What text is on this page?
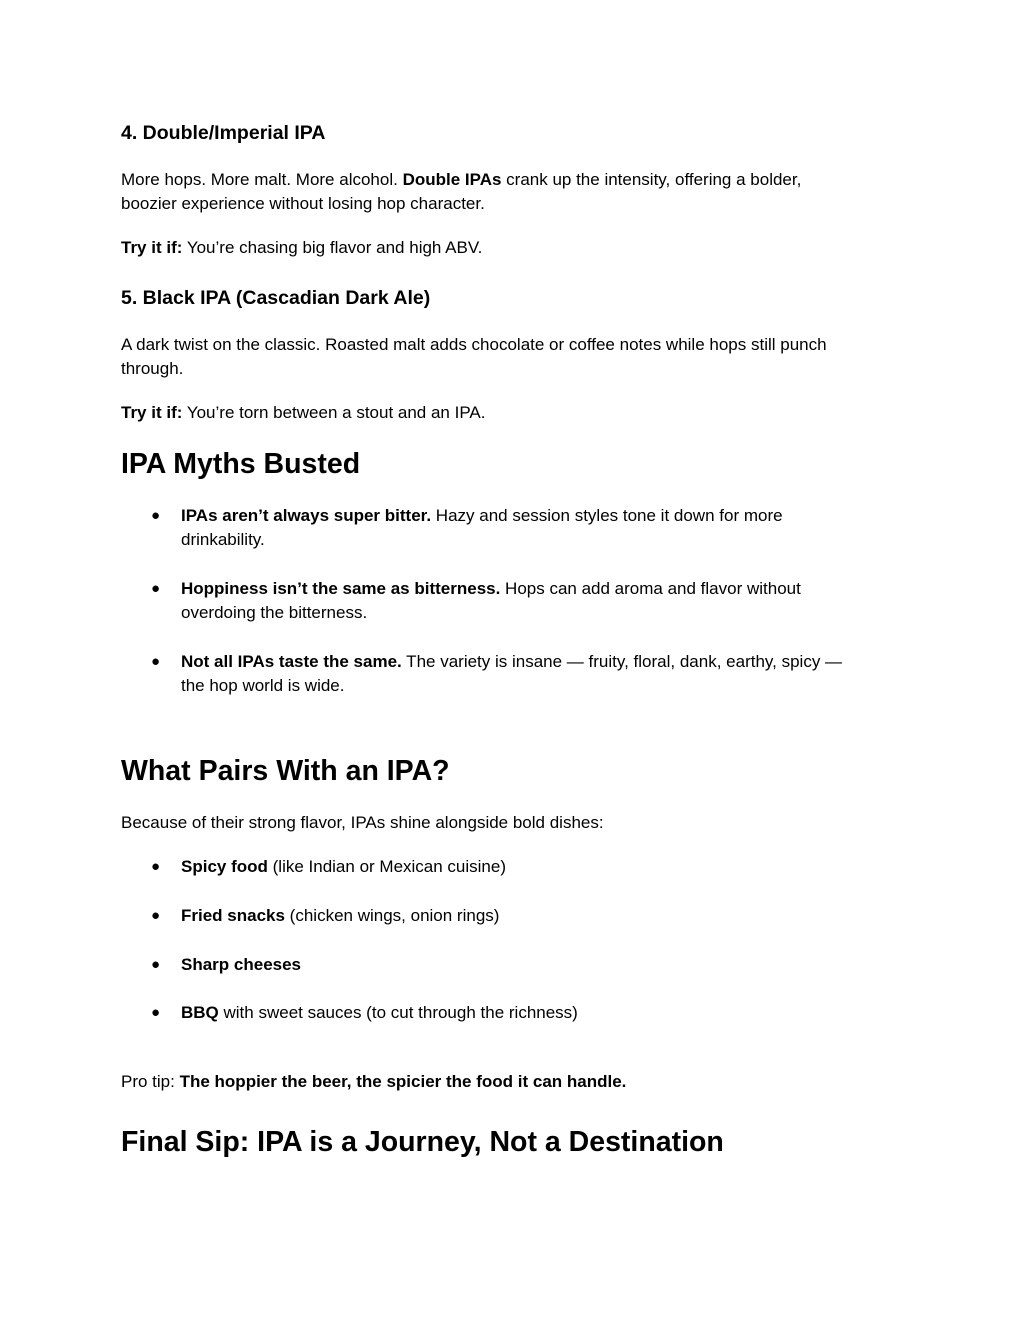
4. Double/Imperial IPA
More hops. More malt. More alcohol. Double IPAs crank up the intensity, offering a bolder,
boozier experience without losing hop character.
Try it if: You’re chasing big flavor and high ABV.
5. Black IPA (Cascadian Dark Ale)
A dark twist on the classic. Roasted malt adds chocolate or coffee notes while hops still punch
through.
Try it if: You’re torn between a stout and an IPA.
IPA Myths Busted
● IPAs aren’t always super bitter. Hazy and session styles tone it down for more
drinkability.
● Hoppiness isn’t the same as bitterness. Hops can add aroma and flavor without
overdoing the bitterness.
● Not all IPAs taste the same. The variety is insane — fruity, floral, dank, earthy, spicy —
the hop world is wide.
What Pairs With an IPA?
Because of their strong flavor, IPAs shine alongside bold dishes:
● Spicy food (like Indian or Mexican cuisine)
● Fried snacks (chicken wings, onion rings)
● Sharp cheeses
● BBQ with sweet sauces (to cut through the richness)
Pro tip: The hoppier the beer, the spicier the food it can handle.
Final Sip: IPA is a Journey, Not a Destination
